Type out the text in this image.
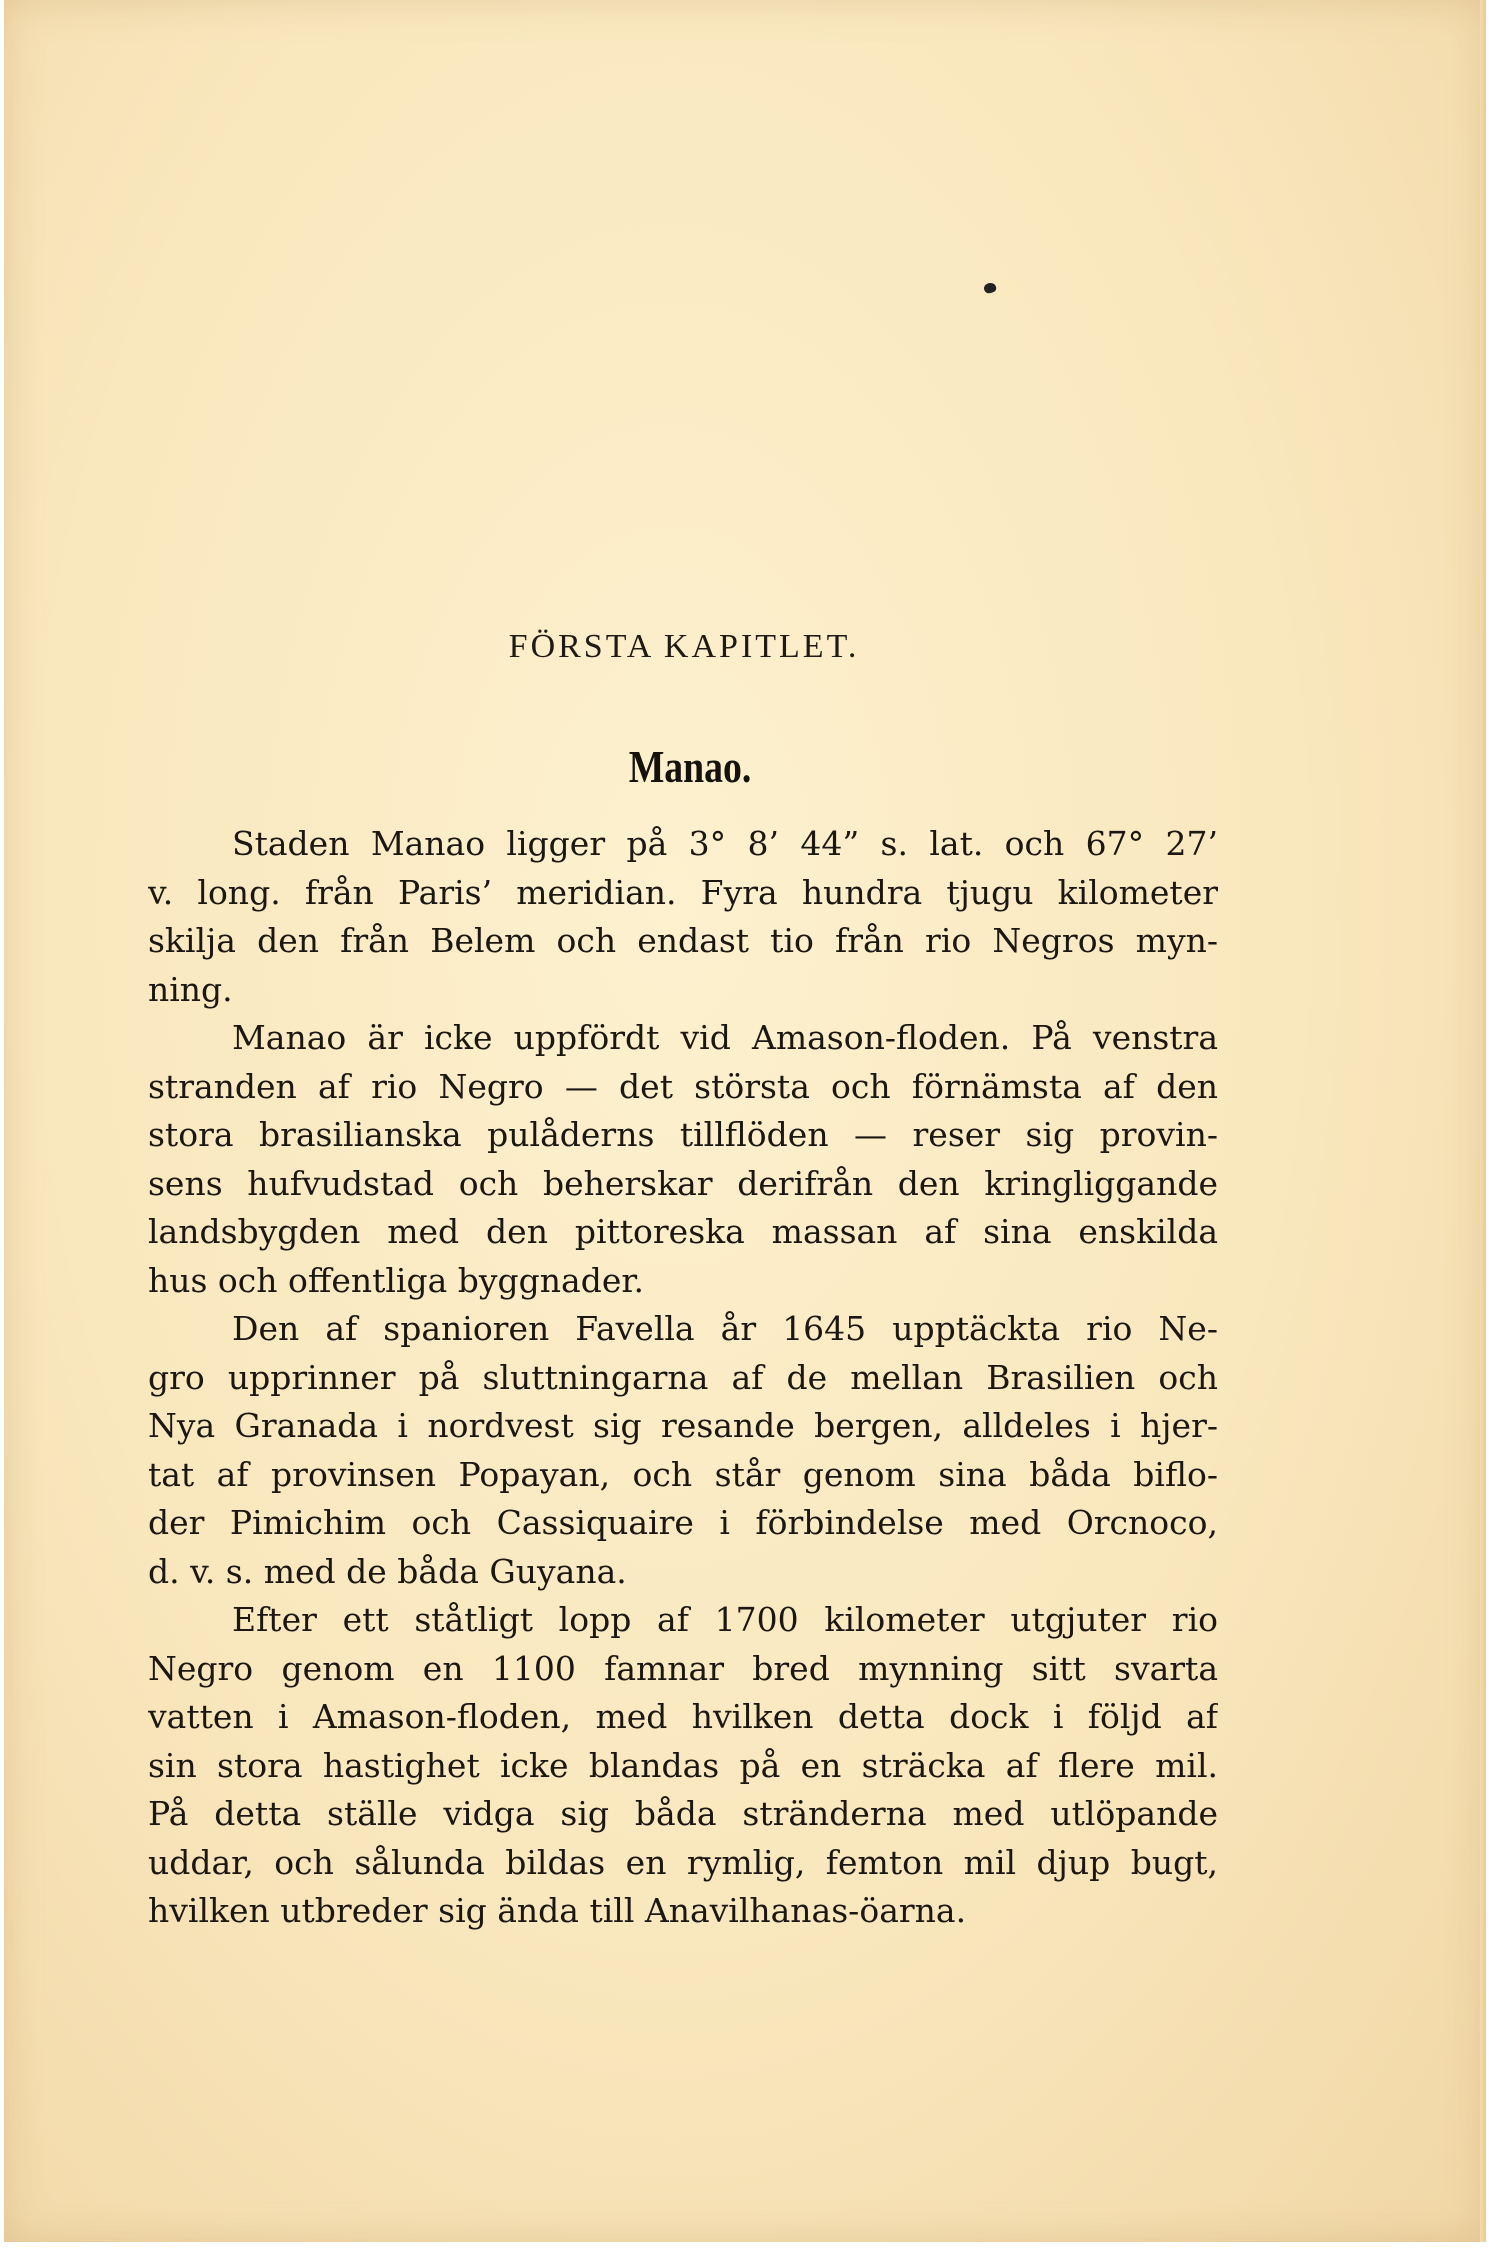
FÖRSTA KAPITLET.
Manao.

Staden Manao ligger på 3° 8’ 44” s. lat. och 67° 27’
v. long. från Paris’ meridian. Fyra hundra tjugu kilometer
skilja den från Belem och endast tio från rio Negros myn-
ning.

Manao är icke uppfördt vid Amason-floden. På venstra
stranden af rio Negro — det största och förnämsta af den
stora brasilianska pulåderns tillflöden — reser sig provin-
sens hufvudstad och beherskar derifrån den kringliggande
landsbygden med den pittoreska massan af sina enskilda
hus och offentliga byggnader.

Den af spanioren Favella år 1645 upptäckta rio Ne-
gro upprinner på sluttningarna af de mellan Brasilien och
Nya Granada i nordvest sig resande bergen, alldeles i hjer-
tat af provinsen Popayan, och står genom sina båda biflo-
der Pimichim och Cassiquaire i förbindelse med Orcnoco,
d. v. s. med de båda Guyana.

Efter ett ståtligt lopp af 1700 kilometer utgjuter rio
Negro genom en 1100 famnar bred mynning sitt svarta
vatten i Amason-floden, med hvilken detta dock i följd af
sin stora hastighet icke blandas på en sträcka af flere mil.
På detta ställe vidga sig båda stränderna med utlöpande
uddar, och sålunda bildas en rymlig, femton mil djup bugt,
hvilken utbreder sig ända till Anavilhanas-öarna.
